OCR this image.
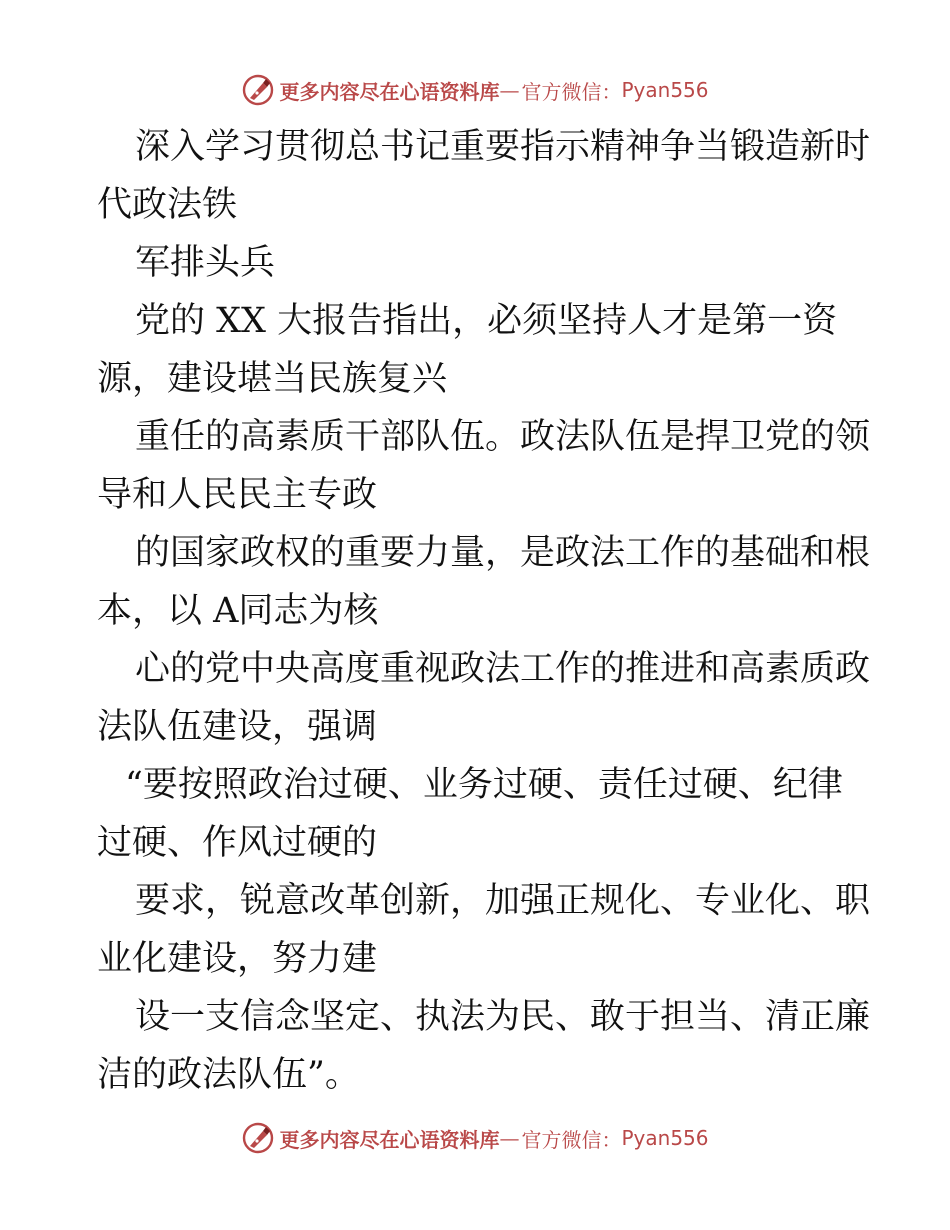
更多内容尽在心语资料库 — 官方微信： Pyan556
深入学习贯彻总书记重要指示精神争当锻造新时
代政法铁
军排头兵
党的 XX 大报告指出，必须坚持人才是第一资
源，建设堪当民族复兴
重任的高素质干部队伍。政法队伍是捍卫党的领
导和人民民主专政
的国家政权的重要力量，是政法工作的基础和根
本，以 A同志为核
心的党中央高度重视政法工作的推进和高素质政
法队伍建设，强调
“要按照政治过硬、业务过硬、责任过硬、纪律
过硬、作风过硬的
要求，锐意改革创新，加强正规化、专业化、职
业化建设，努力建
设一支信念坚定、执法为民、敢于担当、清正廉
洁的政法队伍”。
更多内容尽在心语资料库 — 官方微信： Pyan556
